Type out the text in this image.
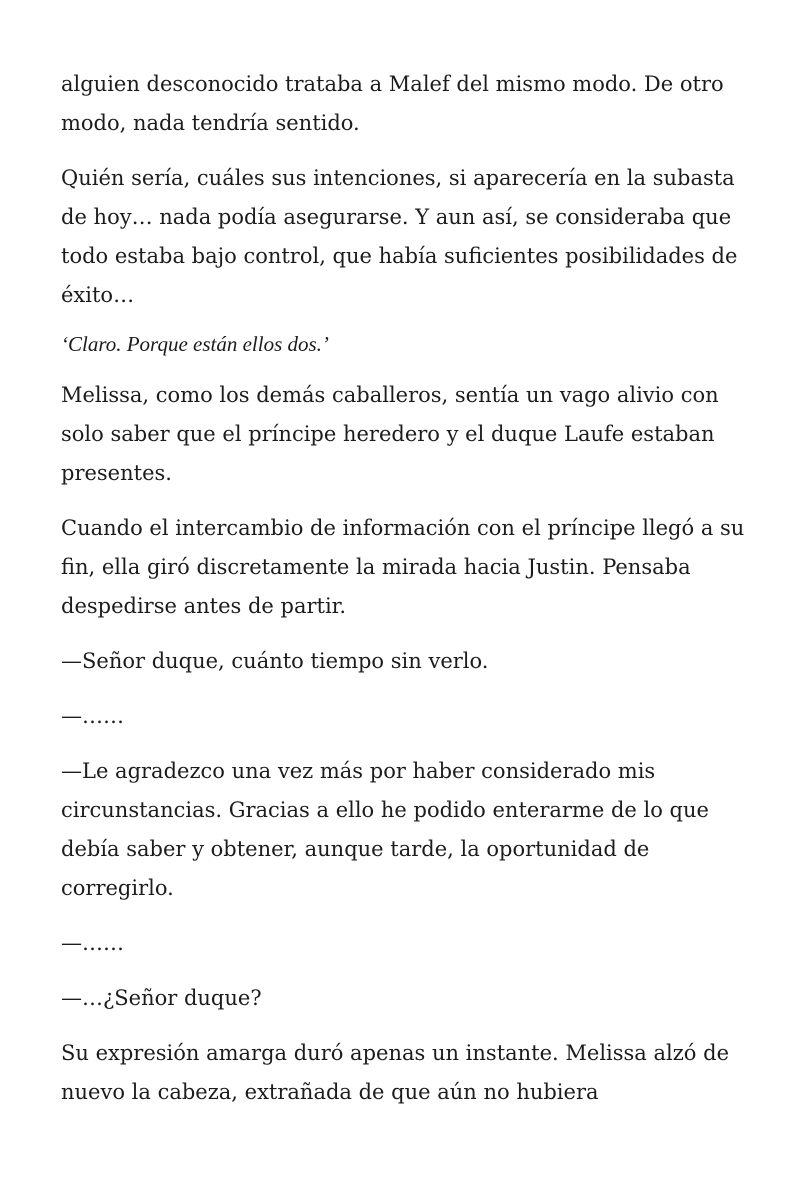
alguien desconocido trataba a Malef del mismo modo. De otro modo, nada tendría sentido.

Quién sería, cuáles sus intenciones, si aparecería en la subasta de hoy… nada podía asegurarse. Y aun así, se consideraba que todo estaba bajo control, que había suficientes posibilidades de éxito…

‘Claro. Porque están ellos dos.’

Melissa, como los demás caballeros, sentía un vago alivio con solo saber que el príncipe heredero y el duque Laufe estaban presentes.

Cuando el intercambio de información con el príncipe llegó a su fin, ella giró discretamente la mirada hacia Justin. Pensaba despedirse antes de partir.

—Señor duque, cuánto tiempo sin verlo.

—……

—Le agradezco una vez más por haber considerado mis circunstancias. Gracias a ello he podido enterarme de lo que debía saber y obtener, aunque tarde, la oportunidad de corregirlo.

—……

—…¿Señor duque?

Su expresión amarga duró apenas un instante. Melissa alzó de nuevo la cabeza, extrañada de que aún no hubiera
